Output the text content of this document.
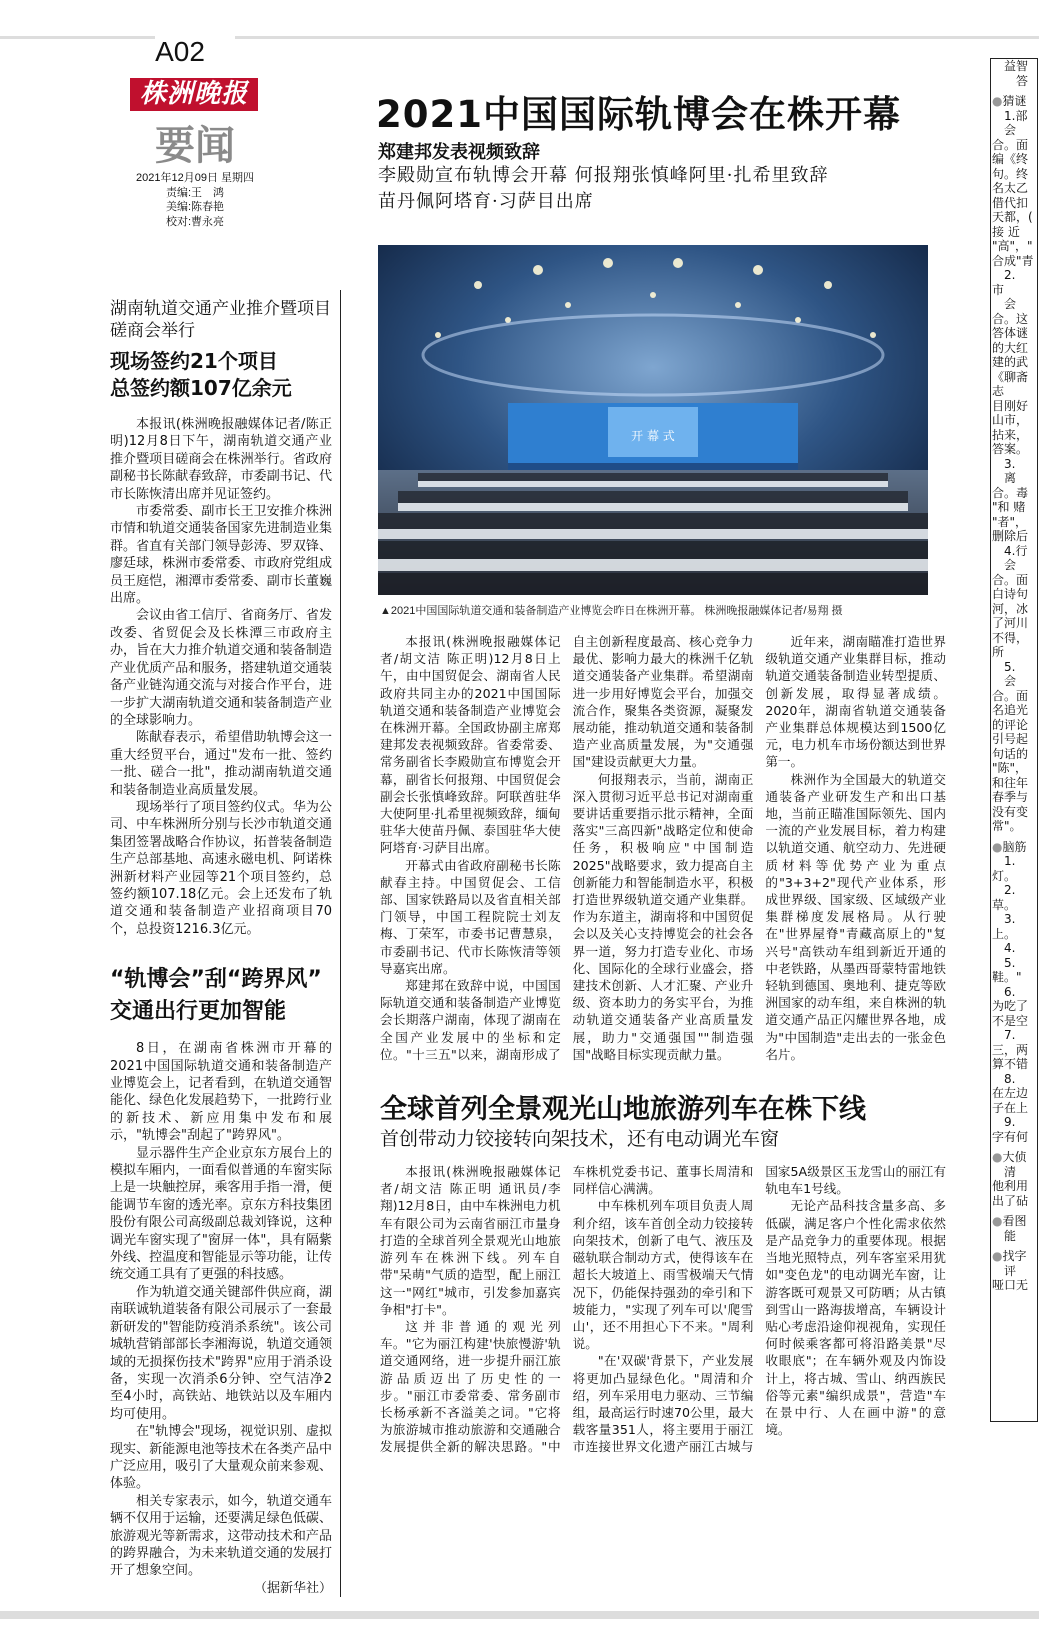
A02
株洲晚报
要闻
2021年12月09日 星期四
责编:王　鸿
美编:陈春艳
校对:曹永亮
湖南轨道交通产业推介暨项目磋商会举行
现场签约21个项目
总签约额107亿余元

本报讯(株洲晚报融媒体记者/陈正明)12月8日下午，湖南轨道交通产业推介暨项目磋商会在株洲举行。省政府副秘书长陈献春致辞，市委副书记、代市长陈恢清出席并见证签约。

市委常委、副市长王卫安推介株洲市情和轨道交通装备国家先进制造业集群。省直有关部门领导彭涛、罗双锋、廖廷球，株洲市委常委、市政府党组成员王庭恺，湘潭市委常委、副市长董巍出席。

会议由省工信厅、省商务厅、省发改委、省贸促会及长株潭三市政府主办，旨在大力推介轨道交通和装备制造产业优质产品和服务，搭建轨道交通装备产业链沟通交流与对接合作平台，进一步扩大湖南轨道交通和装备制造产业的全球影响力。

陈献春表示，希望借助轨博会这一重大经贸平台，通过"发布一批、签约一批、磋合一批"，推动湖南轨道交通和装备制造业高质量发展。

现场举行了项目签约仪式。华为公司、中车株洲所分别与长沙市轨道交通集团签署战略合作协议，拓普装备制造生产总部基地、高速永磁电机、阿诺株洲新材料产业园等21个项目签约，总签约额107.18亿元。会上还发布了轨道交通和装备制造产业招商项目70个，总投资1216.3亿元。

“轨博会”刮“跨界风”
交通出行更加智能

8日，在湖南省株洲市开幕的2021中国国际轨道交通和装备制造产业博览会上，记者看到，在轨道交通智能化、绿色化发展趋势下，一批跨行业的新技术、新应用集中发布和展示，"轨博会"刮起了"跨界风"。

显示器件生产企业京东方展台上的模拟车厢内，一面看似普通的车窗实际上是一块触控屏，乘客用手指一滑，便能调节车窗的透光率。京东方科技集团股份有限公司高级副总裁刘锋说，这种调光车窗实现了"窗屏一体"，具有隔紫外线、控温度和智能显示等功能，让传统交通工具有了更强的科技感。

作为轨道交通关键部件供应商，湖南联诚轨道装备有限公司展示了一套最新研发的"智能防疫消杀系统"。该公司城轨营销部部长李湘海说，轨道交通领域的无损探伤技术"跨界"应用于消杀设备，实现一次消杀6分钟、空气洁净2至4小时，高铁站、地铁站以及车厢内均可使用。

在"轨博会"现场，视觉识别、虚拟现实、新能源电池等技术在各类产品中广泛应用，吸引了大量观众前来参观、体验。

相关专家表示，如今，轨道交通车辆不仅用于运输，还要满足绿色低碳、旅游观光等新需求，这带动技术和产品的跨界融合，为未来轨道交通的发展打开了想象空间。

（据新华社）

2021中国国际轨博会在株开幕
郑建邦发表视频致辞
李殿勋宣布轨博会开幕 何报翔张慎峰阿里·扎希里致辞
苗丹佩阿塔育·习萨目出席
开 幕 式
▲2021中国国际轨道交通和装备制造产业博览会昨日在株洲开幕。 株洲晚报融媒体记者/易翔 摄

本报讯(株洲晚报融媒体记者/胡文洁 陈正明)12月8日上午，由中国贸促会、湖南省人民政府共同主办的2021中国国际轨道交通和装备制造产业博览会在株洲开幕。全国政协副主席郑建邦发表视频致辞。省委常委、常务副省长李殿勋宣布博览会开幕，副省长何报翔、中国贸促会副会长张慎峰致辞。阿联酋驻华大使阿里·扎希里视频致辞，缅甸驻华大使苗丹佩、泰国驻华大使阿塔育·习萨目出席。

开幕式由省政府副秘书长陈献春主持。中国贸促会、工信部、国家铁路局以及省直相关部门领导，中国工程院院士刘友梅、丁荣军，市委书记曹慧泉，市委副书记、代市长陈恢清等领导嘉宾出席。

郑建邦在致辞中说，中国国际轨道交通和装备制造产业博览会长期落户湖南，体现了湖南在全国产业发展中的坐标和定位。"十三五"以来，湖南形成了自主创新程度最高、核心竞争力最优、影响力最大的株洲千亿轨道交通装备产业集群。希望湖南进一步用好博览会平台，加强交流合作，聚集各类资源，凝聚发展动能，推动轨道交通和装备制造产业高质量发展，为"交通强国"建设贡献更大力量。

何报翔表示，当前，湖南正深入贯彻习近平总书记对湖南重要讲话重要指示批示精神，全面落实"三高四新"战略定位和使命任务，积极响应"中国制造2025"战略要求，致力提高自主创新能力和智能制造水平，积极打造世界级轨道交通产业集群。作为东道主，湖南将和中国贸促会以及关心支持博览会的社会各界一道，努力打造专业化、市场化、国际化的全球行业盛会，搭建技术创新、人才汇聚、产业升级、资本助力的务实平台，为推动轨道交通装备产业高质量发展，助力"交通强国""制造强国"战略目标实现贡献力量。

近年来，湖南瞄准打造世界级轨道交通产业集群目标，推动轨道交通装备制造业转型提质、创新发展，取得显著成绩。2020年，湖南省轨道交通装备产业集群总体规模达到1500亿元，电力机车市场份额达到世界第一。

株洲作为全国最大的轨道交通装备产业研发生产和出口基地，当前正瞄准国际领先、国内一流的产业发展目标，着力构建以轨道交通、航空动力、先进硬质材料等优势产业为重点的"3+3+2"现代产业体系，形成世界级、国家级、区域级产业集群梯度发展格局。从行驶在"世界屋脊"青藏高原上的"复兴号"高铁动车组到新近开通的中老铁路，从墨西哥蒙特雷地铁轻轨到德国、奥地利、捷克等欧洲国家的动车组，来自株洲的轨道交通产品正闪耀世界各地，成为"中国制造"走出去的一张金色名片。

全球首列全景观光山地旅游列车在株下线
首创带动力铰接转向架技术，还有电动调光车窗

本报讯(株洲晚报融媒体记者/胡文洁 陈正明 通讯员/李翔)12月8日，由中车株洲电力机车有限公司为云南省丽江市量身打造的全球首列全景观光山地旅游列车在株洲下线。列车自带"呆萌"气质的造型，配上丽江这一"网红"城市，引发参加嘉宾争相"打卡"。

这并非普通的观光列车。"它为丽江构建'快旅慢游'轨道交通网络，进一步提升丽江旅游品质迈出了历史性的一步。"丽江市委常委、常务副市长杨承新不吝溢美之词。"它将为旅游城市推动旅游和交通融合发展提供全新的解决思路。"中车株机党委书记、董事长周清和同样信心满满。

中车株机列车项目负责人周利介绍，该车首创全动力铰接转向架技术，创新了电气、液压及磁轨联合制动方式，使得该车在超长大坡道上、雨雪极端天气情况下，仍能保持强劲的牵引和下坡能力，"实现了列车可以'爬雪山'，还不用担心下不来。"周利说。

"在'双碳'背景下，产业发展将更加凸显绿色化。"周清和介绍，列车采用电力驱动、三节编组，最高运行时速70公里，最大载客量351人，将主要用于丽江市连接世界文化遗产丽江古城与国家5A级景区玉龙雪山的丽江有轨电车1号线。

无论产品科技含量多高、多低碳，满足客户个性化需求依然是产品竞争力的重要体现。根据当地光照特点，列车客室采用犹如"变色龙"的电动调光车窗，让游客既可观景又可防晒；从古镇到雪山一路海拔增高，车辆设计贴心考虑沿途仰视视角，实现任何时候乘客都可将沿路美景"尽收眼底"；在车辆外观及内饰设计上，将古城、雪山、纳西族民俗等元素"编织成景"，营造"车在景中行、人在画中游"的意境。

　益智
　　答
● 猜谜
　1.部
　会
合。面
编《终
句。终
名太乙
借代扣
天都，(
接 近
"高"，"
合成"青
　2.
市
　会
合。这
答体谜
的大红
建的武
《聊斋志
目刚好
山市，
拈来，
答案。
　3.
　离
合。毒
"和 赌
"者"，
删除后
　4.行
　会
合。面
白诗句
河，冰
了河川
不得，所
　5.
　会
合。面
名追光
的评论
引号起
句话的
"陈"，
和往年
春季与
没有变
常"。
● 脑筋
　1.
灯。
　2.
草。
　3.
上。
　4.
　5.
鞋。"
　6.
为吃了
不是空
　7.
三，两
算不错
　8.
在左边
子在上
　9.
字有何
● 大侦
　清
他利用
出了砧
● 看图
　能
● 找字
　评
哑口无
